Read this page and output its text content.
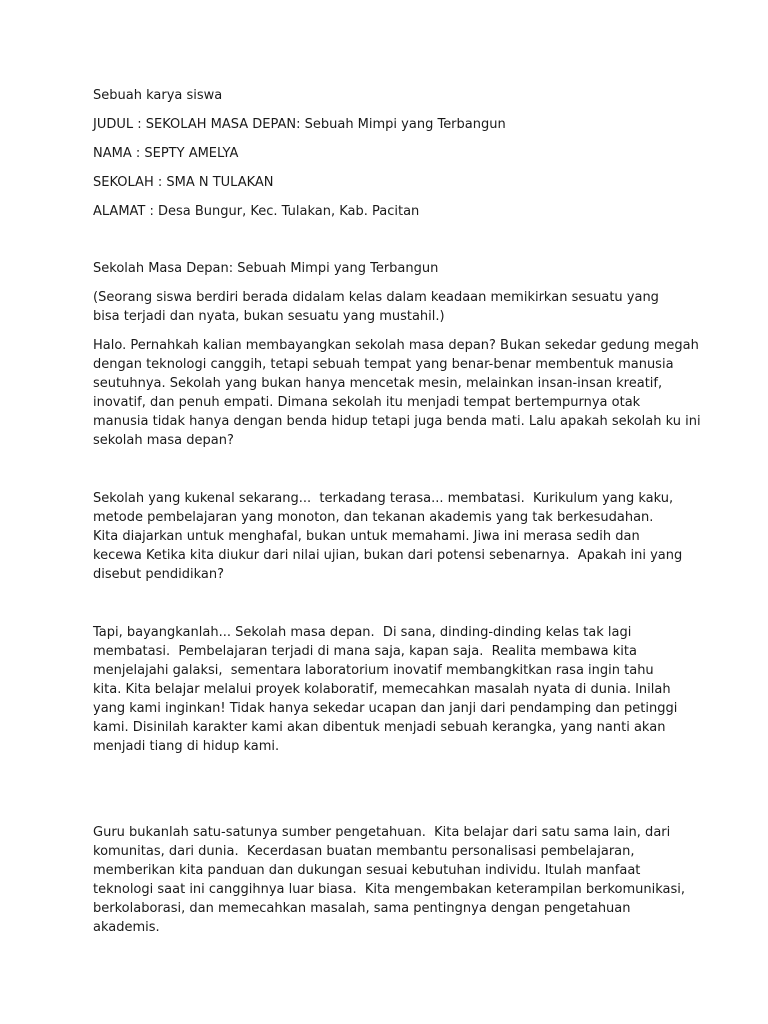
Sebuah karya siswa

JUDUL : SEKOLAH MASA DEPAN: Sebuah Mimpi yang Terbangun

NAMA : SEPTY AMELYA

SEKOLAH : SMA N TULAKAN

ALAMAT : Desa Bungur, Kec. Tulakan, Kab. Pacitan

Sekolah Masa Depan: Sebuah Mimpi yang Terbangun

(Seorang siswa berdiri berada didalam kelas dalam keadaan memikirkan sesuatu yang
bisa terjadi dan nyata, bukan sesuatu yang mustahil.)
Halo. Pernahkah kalian membayangkan sekolah masa depan? Bukan sekedar gedung megah
dengan teknologi canggih, tetapi sebuah tempat yang benar-benar membentuk manusia
seutuhnya. Sekolah yang bukan hanya mencetak mesin, melainkan insan-insan kreatif,
inovatif, dan penuh empati. Dimana sekolah itu menjadi tempat bertempurnya otak
manusia tidak hanya dengan benda hidup tetapi juga benda mati. Lalu apakah sekolah ku ini
sekolah masa depan?
Sekolah yang kukenal sekarang...  terkadang terasa... membatasi.  Kurikulum yang kaku,
metode pembelajaran yang monoton, dan tekanan akademis yang tak berkesudahan.
Kita diajarkan untuk menghafal, bukan untuk memahami. Jiwa ini merasa sedih dan
kecewa Ketika kita diukur dari nilai ujian, bukan dari potensi sebenarnya.  Apakah ini yang
disebut pendidikan?
Tapi, bayangkanlah... Sekolah masa depan.  Di sana, dinding-dinding kelas tak lagi
membatasi.  Pembelajaran terjadi di mana saja, kapan saja.  Realita membawa kita
menjelajahi galaksi,  sementara laboratorium inovatif membangkitkan rasa ingin tahu
kita. Kita belajar melalui proyek kolaboratif, memecahkan masalah nyata di dunia. Inilah
yang kami inginkan! Tidak hanya sekedar ucapan dan janji dari pendamping dan petinggi
kami. Disinilah karakter kami akan dibentuk menjadi sebuah kerangka, yang nanti akan
menjadi tiang di hidup kami.
Guru bukanlah satu-satunya sumber pengetahuan.  Kita belajar dari satu sama lain, dari
komunitas, dari dunia.  Kecerdasan buatan membantu personalisasi pembelajaran,
memberikan kita panduan dan dukungan sesuai kebutuhan individu. Itulah manfaat
teknologi saat ini canggihnya luar biasa.  Kita mengembakan keterampilan berkomunikasi,
berkolaborasi, dan memecahkan masalah, sama pentingnya dengan pengetahuan
akademis.
